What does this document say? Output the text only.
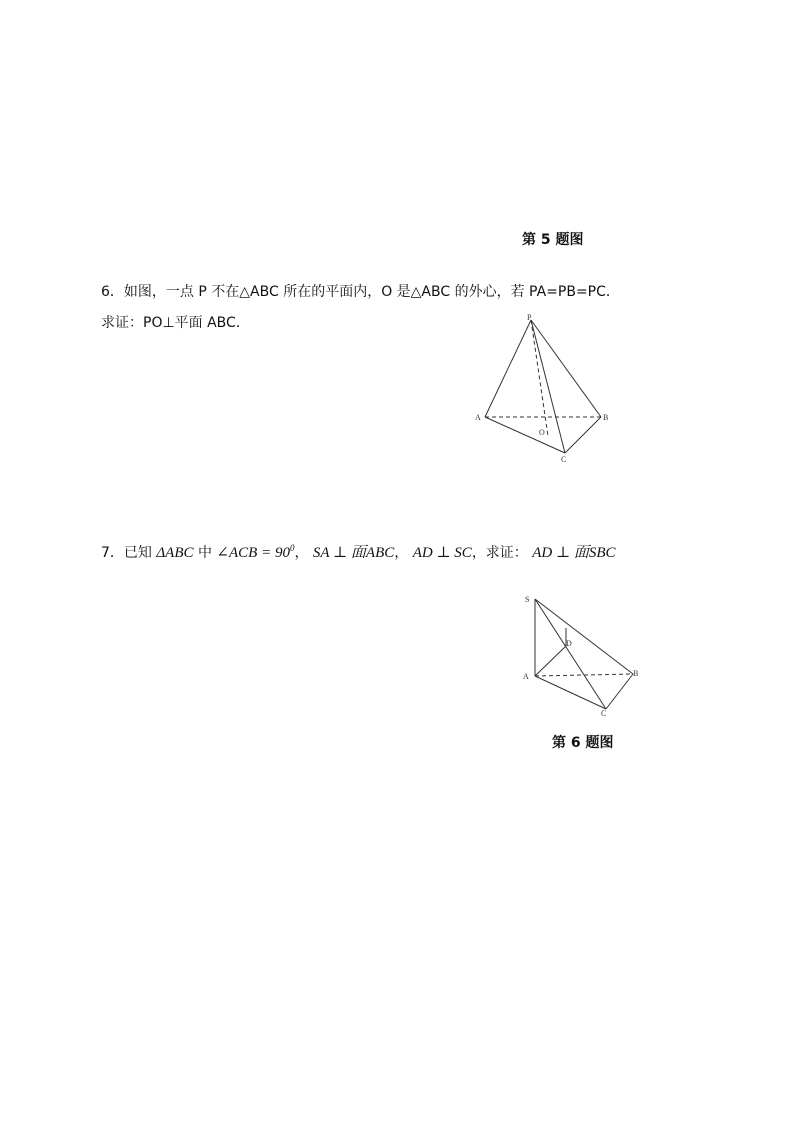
第 5 题图
6．如图，一点 P 不在△ABC 所在的平面内，O 是△ABC 的外心，若 PA=PB=PC．
求证：PO⊥平面 ABC．	P
A	B
C
O
7．已知 ΔABC 中 ∠ACB = $90^0$， SA ⊥ 面ABC， AD ⊥ SC，求证： AD ⊥ 面SBC
S
D
A	B
C
第 6 题图
